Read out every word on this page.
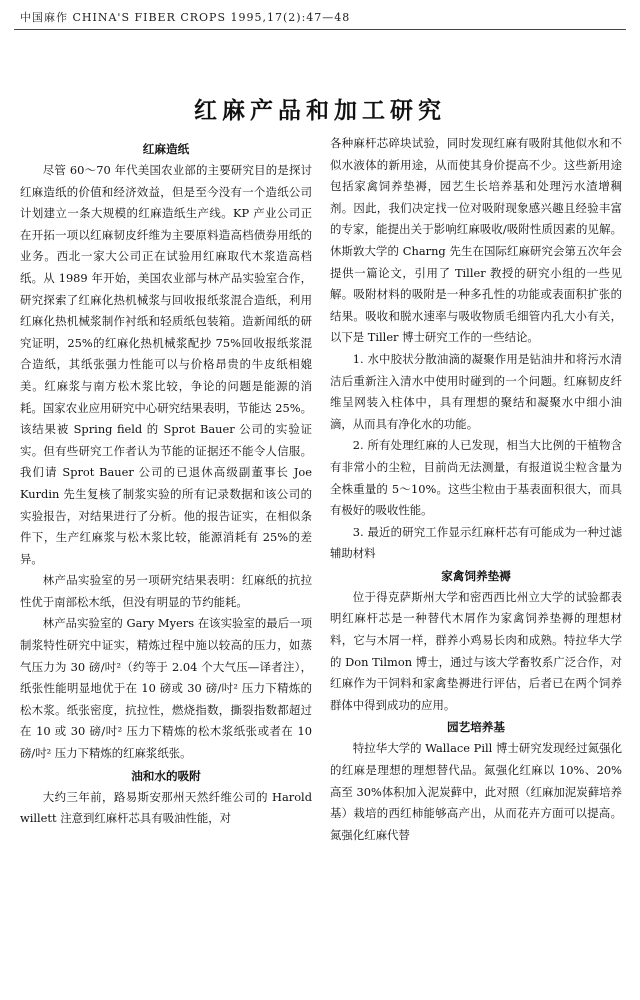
中国麻作 CHINA'S FIBER CROPS 1995,17(2):47—48
红麻产品和加工研究
红麻造纸

尽管 60～70 年代美国农业部的主要研究目的是探讨红麻造纸的价值和经济效益，但是至今没有一个造纸公司计划建立一条大规模的红麻造纸生产线。KP 产业公司正在开拓一项以红麻韧皮纤维为主要原料造高档债券用纸的业务。西北一家大公司正在试验用红麻取代木浆造高档纸。从 1989 年开始，美国农业部与林产品实验室合作，研究探索了红麻化热机械浆与回收报纸浆混合造纸，利用红麻化热机械浆制作衬纸和轻质纸包装箱。造新闻纸的研究证明，25%的红麻化热机械浆配抄 75%回收报纸浆混合造纸，其纸张强力性能可以与价格昂贵的牛皮纸相媲美。红麻浆与南方松木浆比较，争论的问题是能源的消耗。国家农业应用研究中心研究结果表明，节能达 25%。该结果被 Spring field 的 Sprot Bauer 公司的实验证实。但有些研究工作者认为节能的证据还不能令人信服。我们请 Sprot Bauer 公司的已退休高级副董事长 Joe Kurdin 先生复核了制浆实验的所有记录数据和该公司的实验报告，对结果进行了分析。他的报告证实，在相似条件下，生产红麻浆与松木浆比较，能源消耗有 25%的差异。

林产品实验室的另一项研究结果表明：红麻纸的抗拉性优于南部松木纸，但没有明显的节约能耗。

林产品实验室的 Gary Myers 在该实验室的最后一项制浆特性研究中证实，精炼过程中施以较高的压力，如蒸气压力为 30 磅/吋²（约等于 2.04 个大气压—译者注），纸张性能明显地优于在 10 磅或 30 磅/吋² 压力下精炼的松木浆。纸张密度，抗拉性，燃烧指数，撕裂指数都超过在 10 或 30 磅/吋² 压力下精炼的松木浆纸张或者在 10 磅/吋² 压力下精炼的红麻浆纸张。

油和水的吸附

大约三年前，路易斯安那州天然纤维公司的 Harold willett 注意到红麻杆芯具有吸油性能，对

各种麻杆芯碎块试验，同时发现红麻有吸附其他似水和不似水液体的新用途，从而使其身价提高不少。这些新用途包括家禽饲养垫褥，园艺生长培养基和处理污水渣增稠剂。因此，我们决定找一位对吸附现象感兴趣且经验丰富的专家，能提出关于影响红麻吸收/吸附性质因素的见解。休斯敦大学的 Charng 先生在国际红麻研究会第五次年会提供一篇论文，引用了 Tiller 教授的研究小组的一些见解。吸附材料的吸附是一种多孔性的功能或表面积扩张的结果。吸收和脱水速率与吸收物质毛细管内孔大小有关，以下是 Tiller 博士研究工作的一些结论。

1. 水中胶状分散油滴的凝聚作用是钻油井和将污水清洁后重新注入清水中使用时碰到的一个问题。红麻韧皮纤维呈网装入柱体中，具有理想的聚结和凝聚水中细小油滴，从而具有净化水的功能。

2. 所有处理红麻的人已发现，相当大比例的干植物含有非常小的尘粒，目前尚无法测量，有报道说尘粒含量为全株重量的 5～10%。这些尘粒由于基表面积很大，而具有极好的吸收性能。

3. 最近的研究工作显示红麻杆芯有可能成为一种过滤辅助材料

家禽饲养垫褥

位于得克萨斯州大学和密西西比州立大学的试验都表明红麻杆芯是一种替代木屑作为家禽饲养垫褥的理想材料，它与木屑一样，群养小鸡易长肉和成熟。特拉华大学的 Don Tilmon 博士，通过与该大学畜牧系广泛合作，对红麻作为干饲料和家禽垫褥进行评估，后者已在两个饲养群体中得到成功的应用。

园艺培养基

特拉华大学的 Wallace Pill 博士研究发现经过氮强化的红麻是理想的理想替代品。氮强化红麻以 10%、20%高至 30%体积加入泥炭藓中，此对照（红麻加泥炭藓培养基）栽培的西红柿能够高产出，从而花卉方面可以提高。氮强化红麻代替
